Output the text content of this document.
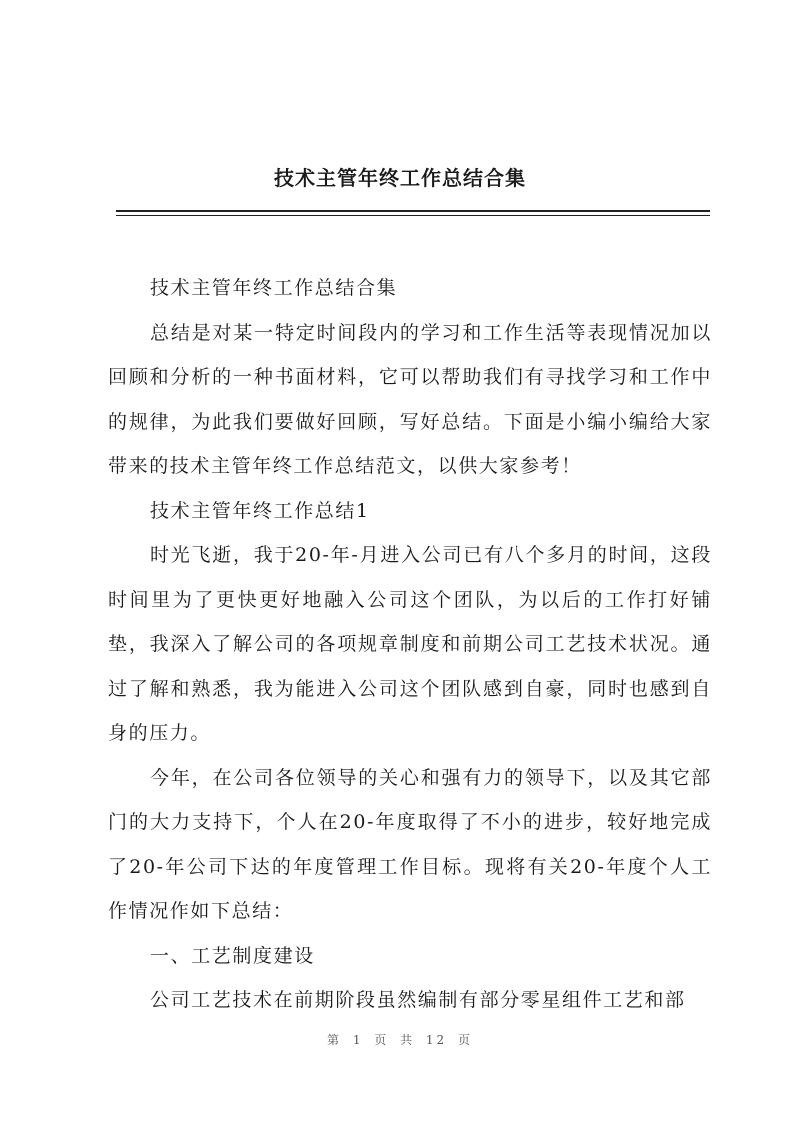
技术主管年终工作总结合集

技术主管年终工作总结合集

总结是对某一特定时间段内的学习和工作生活等表现情况加以回顾和分析的一种书面材料，它可以帮助我们有寻找学习和工作中的规律，为此我们要做好回顾，写好总结。下面是小编小编给大家带来的技术主管年终工作总结范文，以供大家参考！

技术主管年终工作总结1

时光飞逝，我于20-年-月进入公司已有八个多月的时间，这段时间里为了更快更好地融入公司这个团队，为以后的工作打好铺垫，我深入了解公司的各项规章制度和前期公司工艺技术状况。通过了解和熟悉，我为能进入公司这个团队感到自豪，同时也感到自身的压力。

今年，在公司各位领导的关心和强有力的领导下，以及其它部门的大力支持下，个人在20-年度取得了不小的进步，较好地完成了20-年公司下达的年度管理工作目标。现将有关20-年度个人工作情况作如下总结：

一、工艺制度建设

公司工艺技术在前期阶段虽然编制有部分零星组件工艺和部

第 1 页 共 12 页
